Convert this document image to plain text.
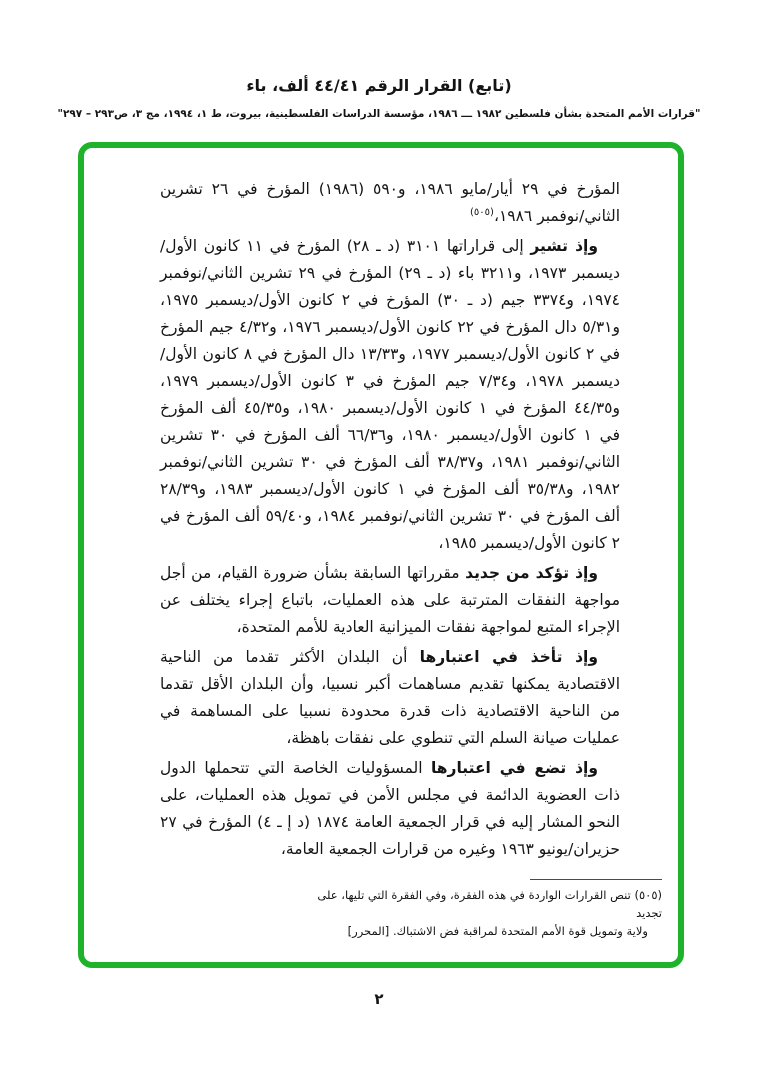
(تابع) القرار الرقم ٤٤/٤١ ألف، باء
"قرارات الأمم المتحدة بشأن فلسطين ١٩٨٢ ـــ ١٩٨٦، مؤسسة الدراسات الفلسطينية، بيروت، ط ١، ١٩٩٤، مج ٣، ص٢٩٣ – ٢٩٧"

المؤرخ في ٢٩ أيار/مايو ١٩٨٦، و٥٩٠ (١٩٨٦) المؤرخ في ٢٦ تشرين الثاني/نوفمبر ١٩٨٦،$^{(٥٠٥)}$

وإذ تشير إلى قراراتها ٣١٠١ (د ـ ٢٨) المؤرخ في ١١ كانون الأول/ديسمبر ١٩٧٣، و٣٢١١ باء (د ـ ٢٩) المؤرخ في ٢٩ تشرين الثاني/نوفمبر ١٩٧٤، و٣٣٧٤ جيم (د ـ ٣٠) المؤرخ في ٢ كانون الأول/ديسمبر ١٩٧٥، و٥/٣١ دال المؤرخ في ٢٢ كانون الأول/ديسمبر ١٩٧٦، و٤/٣٢ جيم المؤرخ في ٢ كانون الأول/ديسمبر ١٩٧٧، و١٣/٣٣ دال المؤرخ في ٨ كانون الأول/ديسمبر ١٩٧٨، و٧/٣٤ جيم المؤرخ في ٣ كانون الأول/ديسمبر ١٩٧٩، و٤٤/٣٥ المؤرخ في ١ كانون الأول/ديسمبر ١٩٨٠، و٤٥/٣٥ ألف المؤرخ في ١ كانون الأول/ديسمبر ١٩٨٠، و٦٦/٣٦ ألف المؤرخ في ٣٠ تشرين الثاني/نوفمبر ١٩٨١، و٣٨/٣٧ ألف المؤرخ في ٣٠ تشرين الثاني/نوفمبر ١٩٨٢، و٣٥/٣٨ ألف المؤرخ في ١ كانون الأول/ديسمبر ١٩٨٣، و٢٨/٣٩ ألف المؤرخ في ٣٠ تشرين الثاني/نوفمبر ١٩٨٤، و٥٩/٤٠ ألف المؤرخ في ٢ كانون الأول/ديسمبر ١٩٨٥،

وإذ تؤكد من جديد مقرراتها السابقة بشأن ضرورة القيام، من أجل مواجهة النفقات المترتبة على هذه العمليات، باتباع إجراء يختلف عن الإجراء المتبع لمواجهة نفقات الميزانية العادية للأمم المتحدة،

وإذ تأخذ في اعتبارها أن البلدان الأكثر تقدما من الناحية الاقتصادية يمكنها تقديم مساهمات أكبر نسبيا، وأن البلدان الأقل تقدما من الناحية الاقتصادية ذات قدرة محدودة نسبيا على المساهمة في عمليات صيانة السلم التي تنطوي على نفقات باهظة،

وإذ تضع في اعتبارها المسؤوليات الخاصة التي تتحملها الدول ذات العضوية الدائمة في مجلس الأمن في تمويل هذه العمليات، على النحو المشار إليه في قرار الجمعية العامة ١٨٧٤ (د إ ـ ٤) المؤرخ في ٢٧ حزيران/يونيو ١٩٦٣ وغيره من قرارات الجمعية العامة،

(٥٠٥) تنص القرارات الواردة في هذه الفقرة، وفي الفقرة التي تليها، على تجديد
ولاية وتمويل قوة الأمم المتحدة لمراقبة فض الاشتباك. [المحرر]
٢
